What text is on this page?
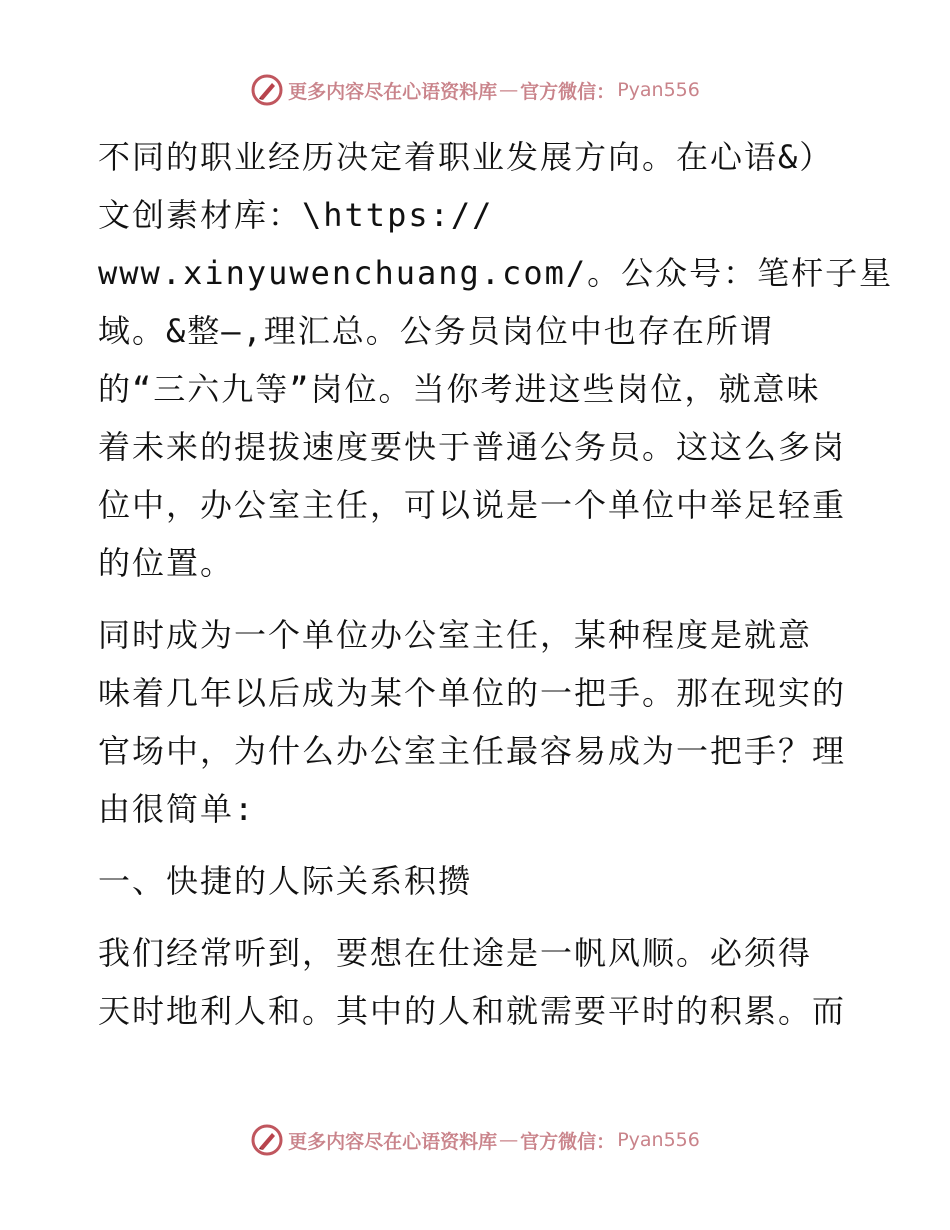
更多内容尽在心语资料库 — 官方微信： Pyan556
不同的职业经历决定着职业发展方向。在心语&）
文创素材库：\https://
www.xinyuwenchuang.com/。公众号：笔杆子星
域。&整—,理汇总。公务员岗位中也存在所谓
的“三六九等”岗位。当你考进这些岗位，就意味
着未来的提拔速度要快于普通公务员。这这么多岗
位中，办公室主任，可以说是一个单位中举足轻重
的位置。
同时成为一个单位办公室主任，某种程度是就意
味着几年以后成为某个单位的一把手。那在现实的
官场中，为什么办公室主任最容易成为一把手？理
由很简单:
一、快捷的人际关系积攒
我们经常听到，要想在仕途是一帆风顺。必须得
天时地利人和。其中的人和就需要平时的积累。而
更多内容尽在心语资料库 — 官方微信： Pyan556
